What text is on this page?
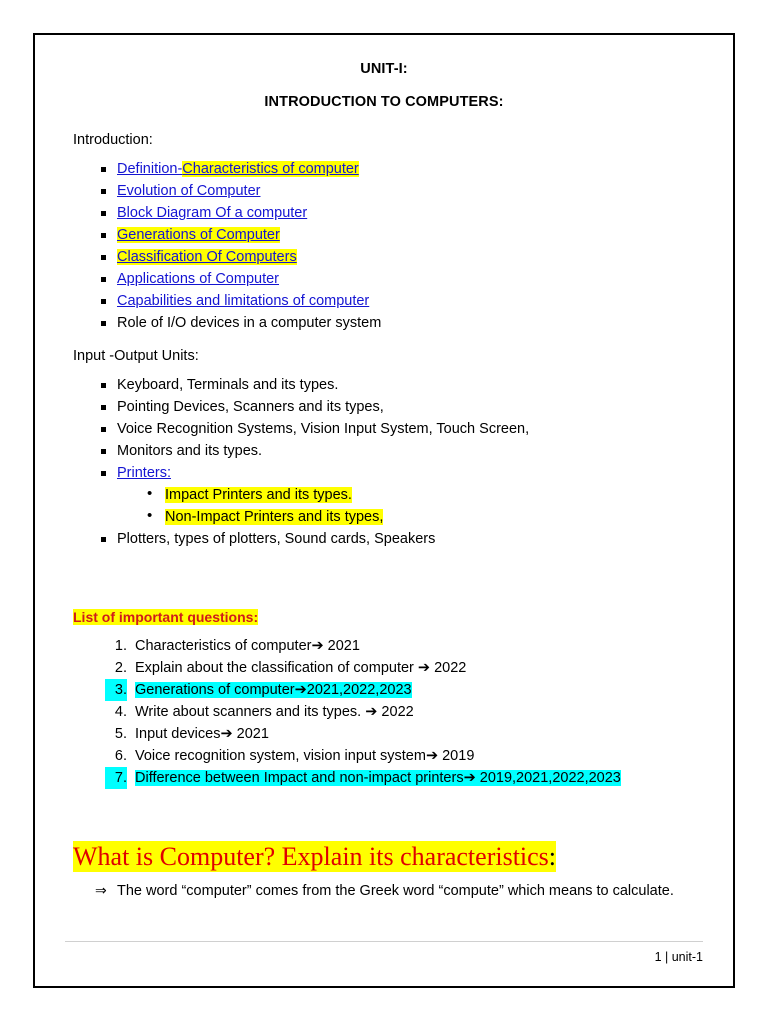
UNIT-I:
INTRODUCTION TO COMPUTERS:

Introduction:

Definition-Characteristics of computer
Evolution of Computer
Block Diagram Of a computer
Generations of Computer
Classification Of Computers
Applications of Computer
Capabilities and limitations of computer
Role of I/O devices in a computer system

Input -Output Units:

Keyboard, Terminals and its types.
Pointing Devices, Scanners and its types,
Voice Recognition Systems, Vision Input System, Touch Screen,
Monitors and its types.
Printers:
• Impact Printers and its types.
• Non-Impact Printers and its types,
Plotters, types of plotters, Sound cards, Speakers
List of important questions:
1. Characteristics of computer➔ 2021
2. Explain about the classification of computer ➔ 2022
3. Generations of computer➔2021,2022,2023
4. Write about scanners and its types. ➔ 2022
5. Input devices➔ 2021
6. Voice recognition system, vision input system➔ 2019
7. Difference between Impact and non-impact printers➔ 2019,2021,2022,2023
What is Computer? Explain its characteristics:
⇒ The word “computer” comes from the Greek word “compute” which means to calculate.
1 | unit-1
